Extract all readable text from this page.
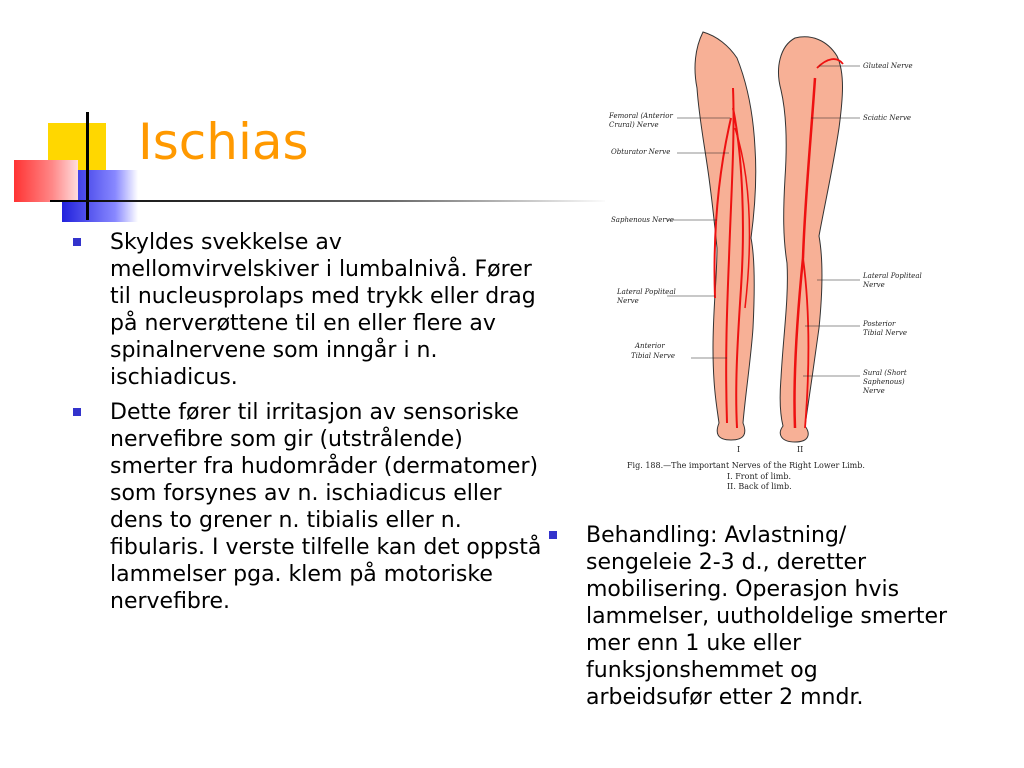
Ischias
Skyldes svekkelse av mellomvirvelskiver i lumbalnivå. Fører til nucleusprolaps med trykk eller drag på nerverøttene til en eller flere av spinalnervene som inngår i n. ischiadicus.
Dette fører til irritasjon av sensoriske nervefibre som gir (utstrålende) smerter fra hudområder (dermatomer) som forsynes av n. ischiadicus eller dens to grener n. tibialis eller n. fibularis. I verste tilfelle kan det oppstå lammelser pga. klem på motoriske nervefibre.
Behandling: Avlastning/ sengeleie 2-3 d., deretter mobilisering. Operasjon hvis lammelser, uutholdelige smerter mer enn 1 uke eller funksjonshemmet og arbeidsufør etter 2 mndr.
Femoral (Anterior
Crural) Nerve
Obturator Nerve
Saphenous Nerve
Lateral Popliteal
Nerve
Anterior
Tibial Nerve
Gluteal Nerve
Sciatic Nerve
Lateral Popliteal
Nerve
Posterior
Tibial Nerve
Sural (Short
Saphenous)
Nerve
I	II
Fig. 188.—The important Nerves of the Right Lower Limb.
I. Front of limb.
II. Back of limb.
